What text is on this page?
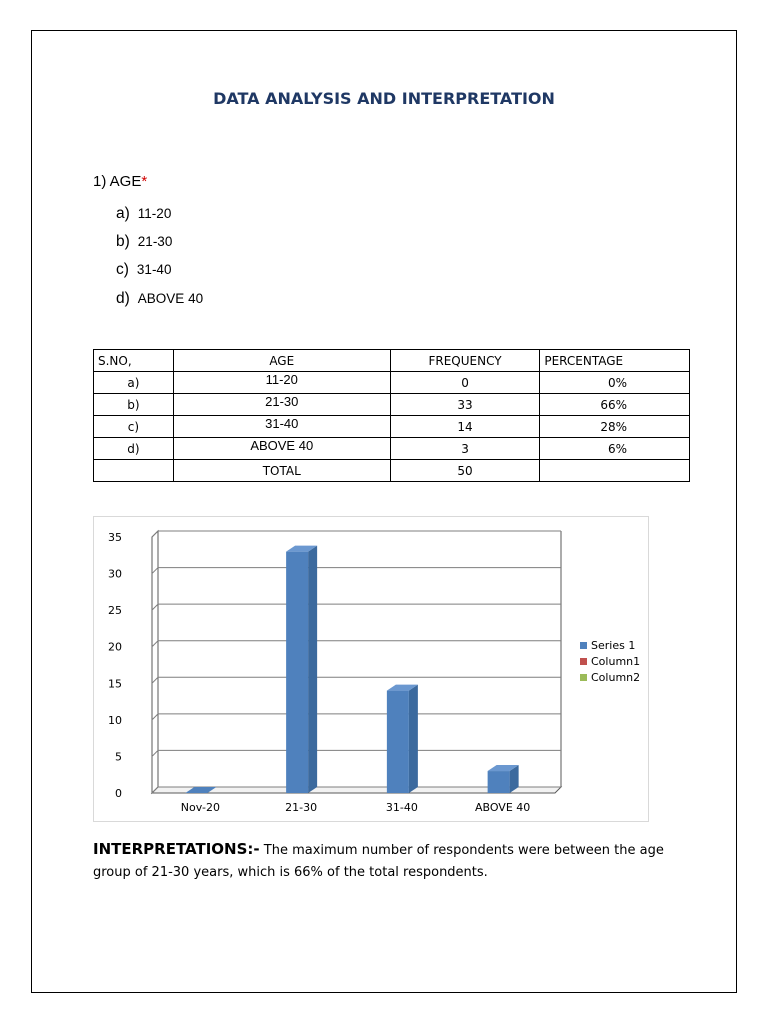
DATA ANALYSIS AND INTERPRETATION
1) AGE*
a) 11-20
b) 21-30
c) 31-40
d) ABOVE 40
S.NO,	AGE	FREQUENCY	PERCENTAGE
a)	11-20	0	0%
b)	21-30	33	66%
c)	31-40	14	28%
d)	ABOVE 40	3	6%
	TOTAL	50	
0
5
10
15
20
25
30
35
Nov-20	21-30	31-40	ABOVE 40
Series 1
Column1
Column2
INTERPRETATIONS:- The maximum number of respondents were between the age group of 21-30 years, which is 66% of the total respondents.
